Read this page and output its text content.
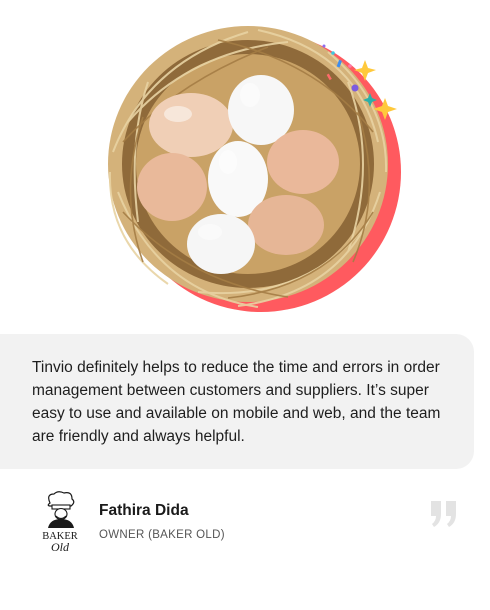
Tinvio definitely helps to reduce the time and errors in order management between customers and suppliers. It’s super easy to use and available on mobile and web, and the team are friendly and always helpful.

BAKER
Old
Fathira Dida
OWNER (BAKER OLD)
